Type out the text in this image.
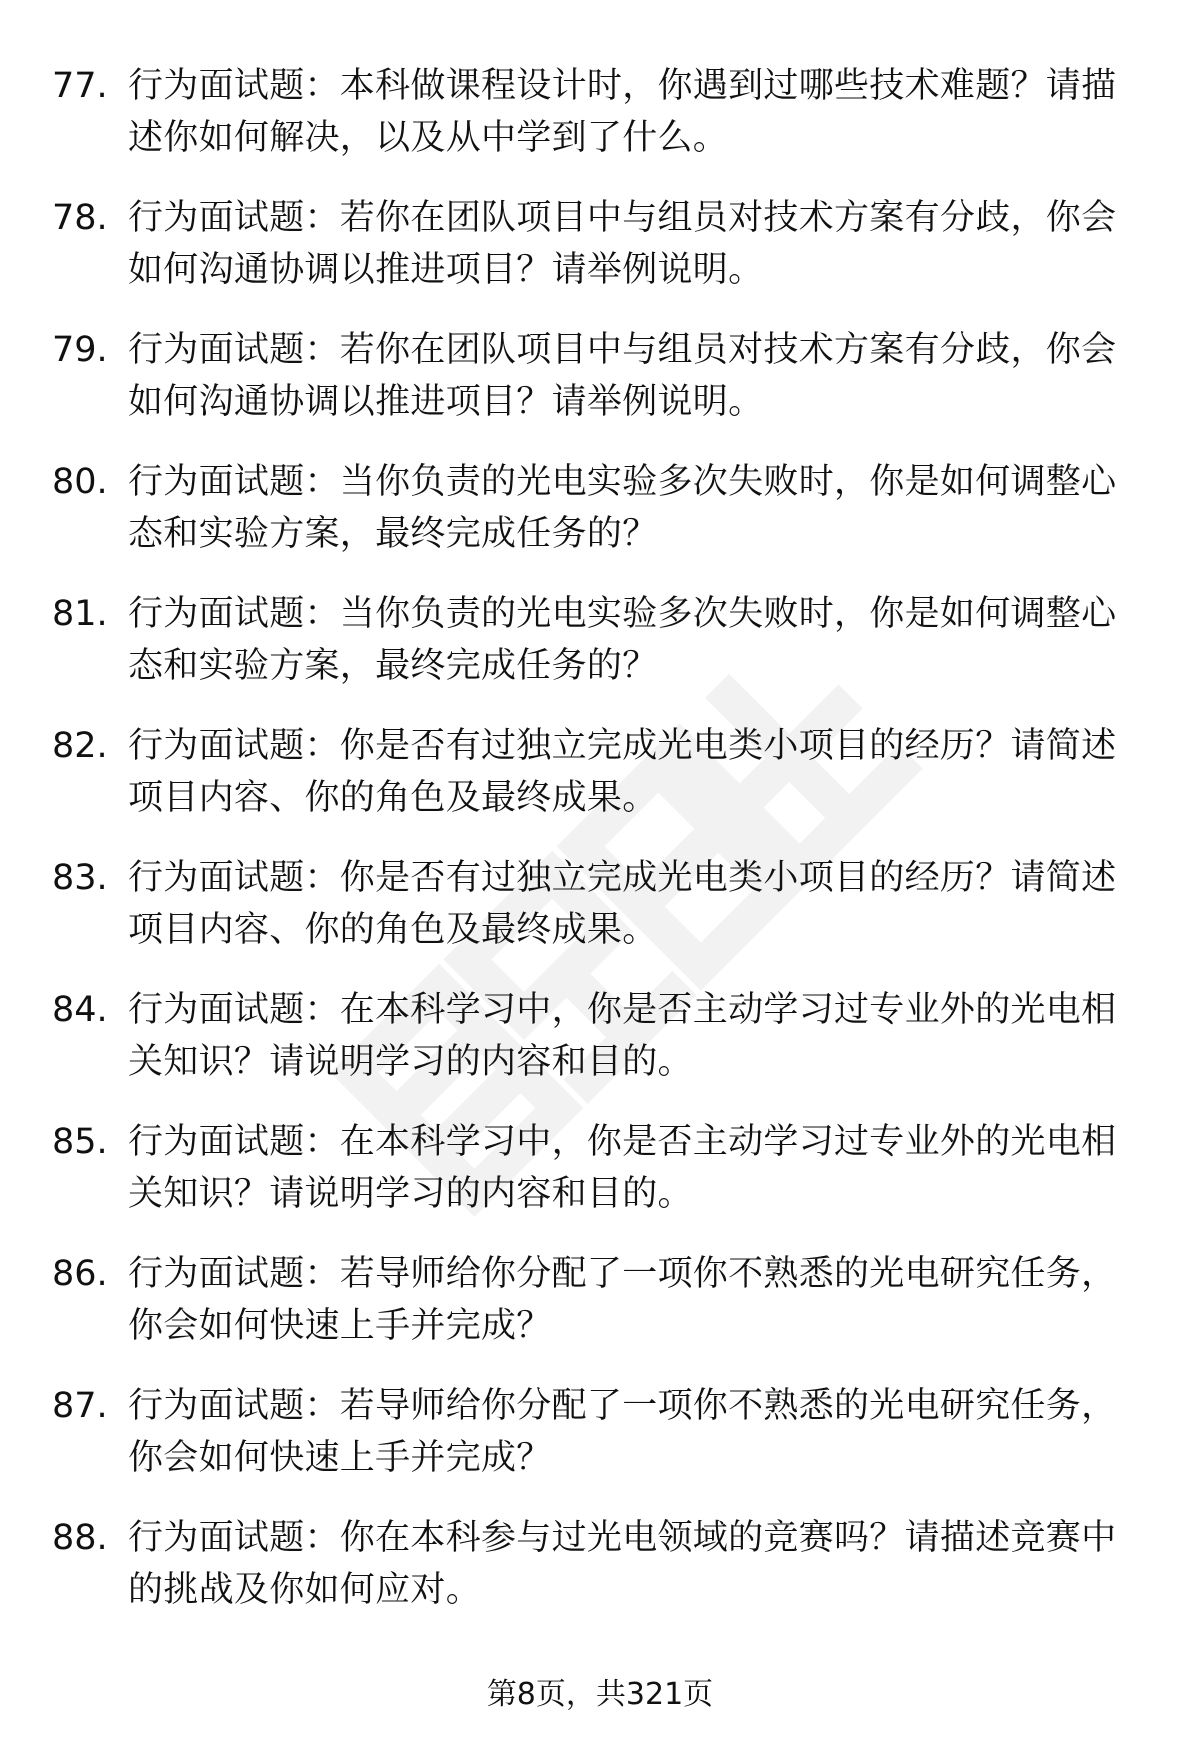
77. 行为面试题：本科做课程设计时，你遇到过哪些技术难题？请描述你如何解决，以及从中学到了什么。
78. 行为面试题：若你在团队项目中与组员对技术方案有分歧，你会如何沟通协调以推进项目？请举例说明。
79. 行为面试题：若你在团队项目中与组员对技术方案有分歧，你会如何沟通协调以推进项目？请举例说明。
80. 行为面试题：当你负责的光电实验多次失败时，你是如何调整心态和实验方案，最终完成任务的？
81. 行为面试题：当你负责的光电实验多次失败时，你是如何调整心态和实验方案，最终完成任务的？
82. 行为面试题：你是否有过独立完成光电类小项目的经历？请简述项目内容、你的角色及最终成果。
83. 行为面试题：你是否有过独立完成光电类小项目的经历？请简述项目内容、你的角色及最终成果。
84. 行为面试题：在本科学习中，你是否主动学习过专业外的光电相关知识？请说明学习的内容和目的。
85. 行为面试题：在本科学习中，你是否主动学习过专业外的光电相关知识？请说明学习的内容和目的。
86. 行为面试题：若导师给你分配了一项你不熟悉的光电研究任务，你会如何快速上手并完成？
87. 行为面试题：若导师给你分配了一项你不熟悉的光电研究任务，你会如何快速上手并完成？
88. 行为面试题：你在本科参与过光电领域的竞赛吗？请描述竞赛中的挑战及你如何应对。
第8页，共321页
